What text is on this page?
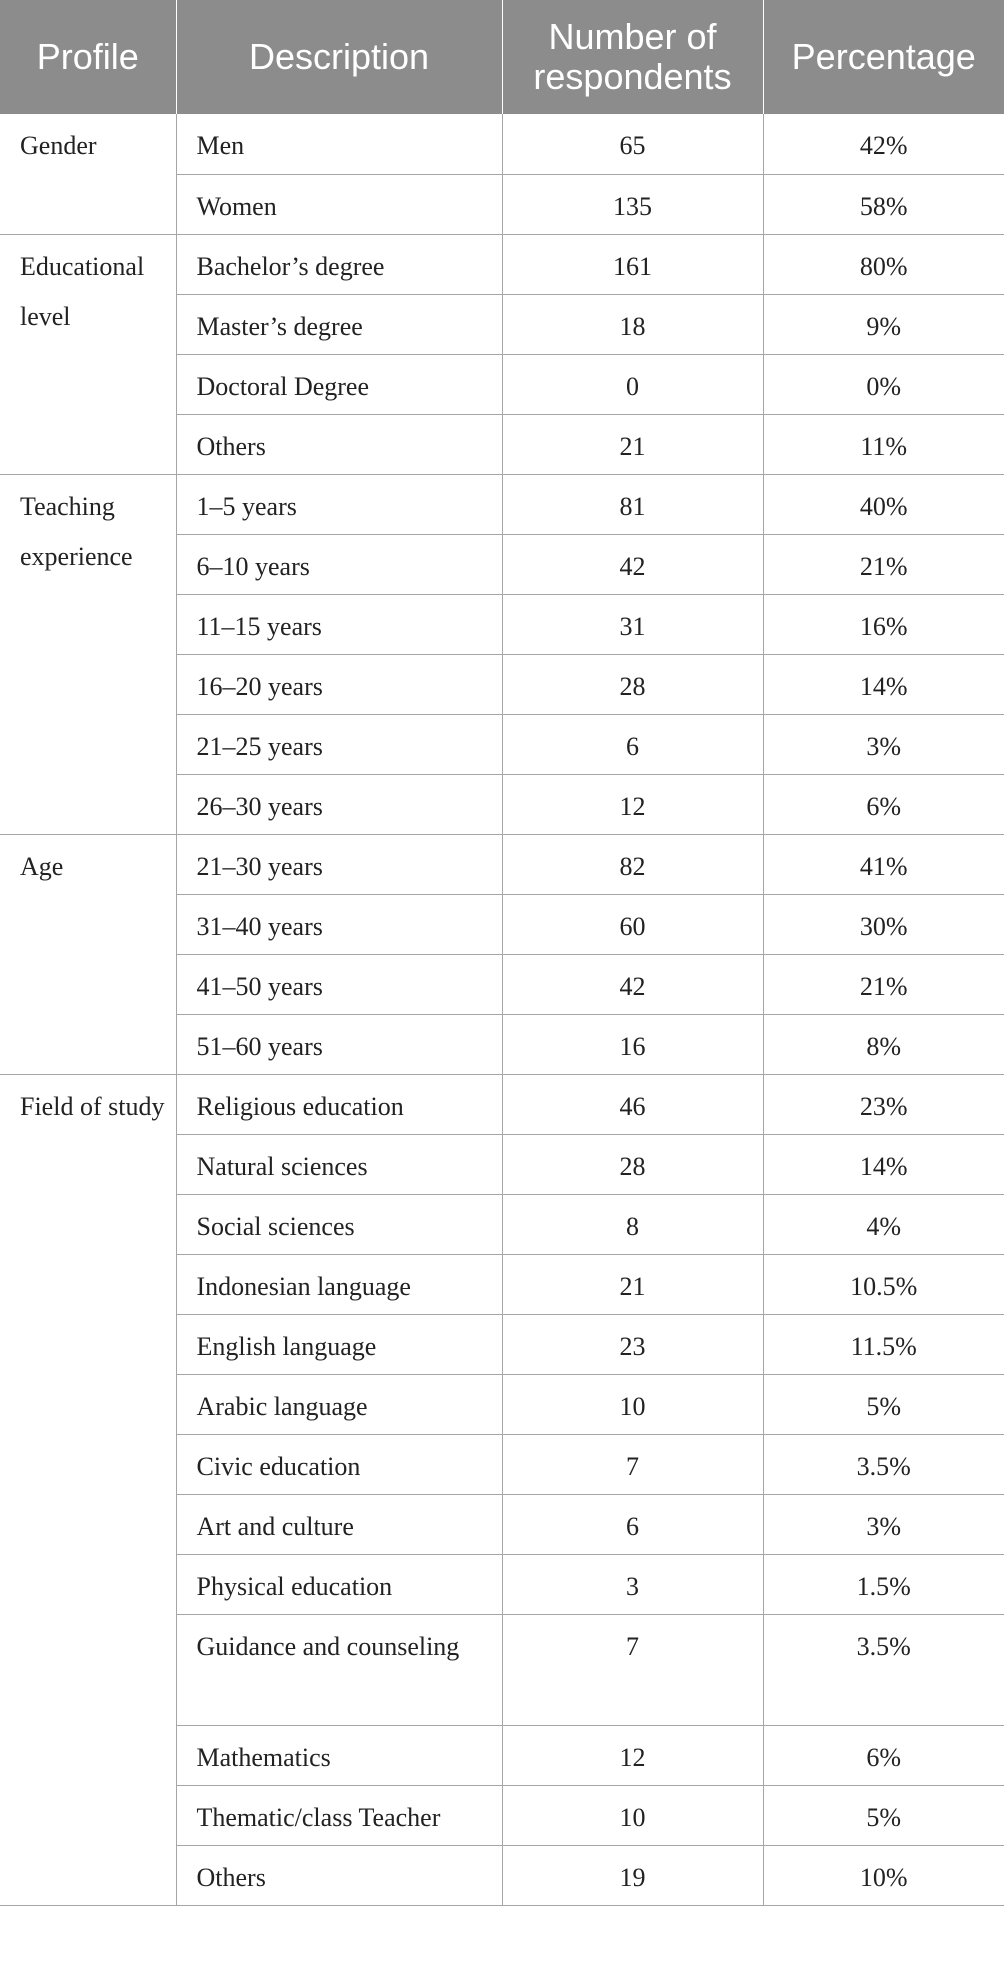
Profile	Description	Number of respondents	Percentage
Gender	Men	65	42%
	Women	135	58%
Educational level	Bachelor’s degree	161	80%
	Master’s degree	18	9%
	Doctoral Degree	0	0%
	Others	21	11%
Teaching experience	1–5 years	81	40%
	6–10 years	42	21%
	11–15 years	31	16%
	16–20 years	28	14%
	21–25 years	6	3%
	26–30 years	12	6%
Age	21–30 years	82	41%
	31–40 years	60	30%
	41–50 years	42	21%
	51–60 years	16	8%
Field of study	Religious education	46	23%
	Natural sciences	28	14%
	Social sciences	8	4%
	Indonesian language	21	10.5%
	English language	23	11.5%
	Arabic language	10	5%
	Civic education	7	3.5%
	Art and culture	6	3%
	Physical education	3	1.5%
	Guidance and counseling	7	3.5%
	Mathematics	12	6%
	Thematic/class Teacher	10	5%
	Others	19	10%
